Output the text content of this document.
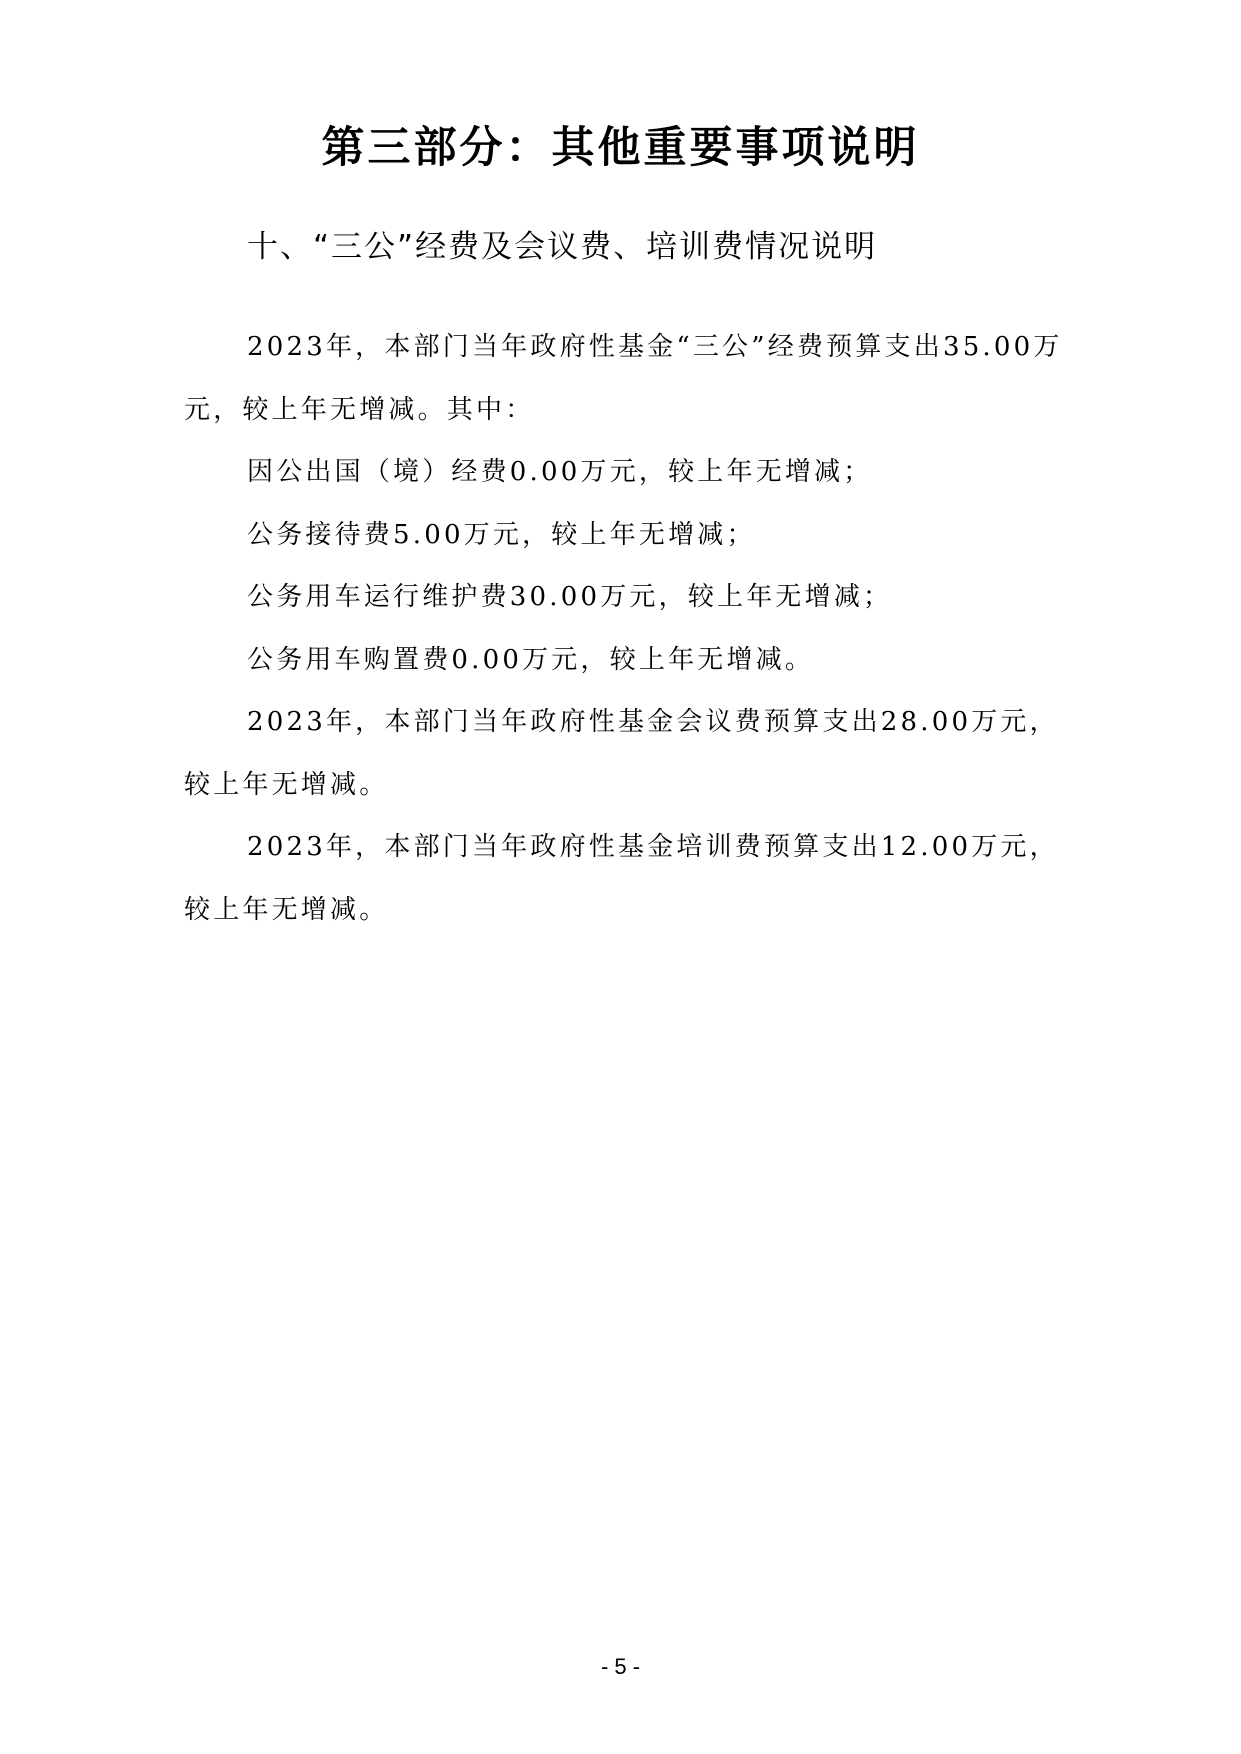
第三部分：其他重要事项说明
十、“三公”经费及会议费、培训费情况说明

2023年，本部门当年政府性基金“三公”经费预算支出35.00万元，较上年无增减。其中：

因公出国（境）经费0.00万元，较上年无增减；

公务接待费5.00万元，较上年无增减；

公务用车运行维护费30.00万元，较上年无增减；

公务用车购置费0.00万元，较上年无增减。

2023年，本部门当年政府性基金会议费预算支出28.00万元，较上年无增减。

2023年，本部门当年政府性基金培训费预算支出12.00万元，较上年无增减。

- 5 -
